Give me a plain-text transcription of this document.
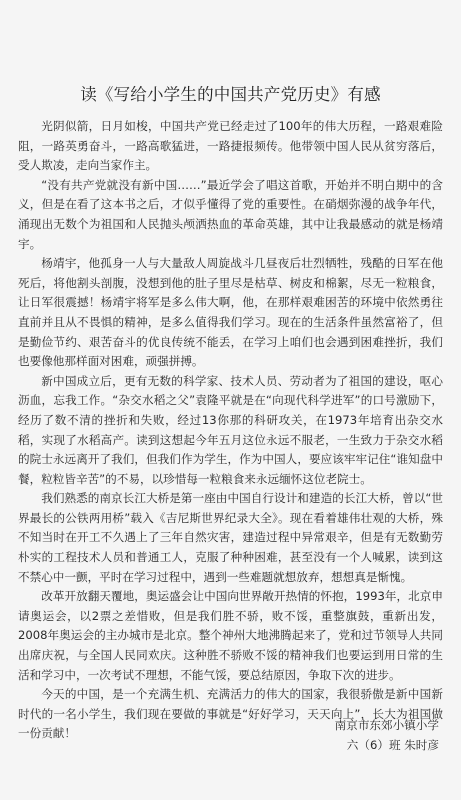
读《写给小学生的中国共产党历史》有感

光阴似箭，日月如梭，中国共产党已经走过了100年的伟大历程，一路艰难险阻，一路英勇奋斗，一路高歌猛进，一路捷报频传。他带领中国人民从贫穷落后，受人欺凌，走向当家作主。

“没有共产党就没有新中国……”最近学会了唱这首歌，开始并不明白期中的含义，但是在看了这本书之后，才似乎懂得了党的重要性。在硝烟弥漫的战争年代，涌现出无数个为祖国和人民抛头颅洒热血的革命英雄，其中让我最感动的就是杨靖宇。

杨靖宇，他孤身一人与大量敌人周旋战斗几昼夜后壮烈牺牲，残酷的日军在他死后，将他割头剖腹，没想到他的肚子里尽是枯草、树皮和棉絮，尽无一粒粮食，让日军很震撼！杨靖宇将军是多么伟大啊，他，在那样艰难困苦的环境中依然勇往直前并且从不畏惧的精神，是多么值得我们学习。现在的生活条件虽然富裕了，但是勤俭节约、艰苦奋斗的优良传统不能丢，在学习上咱们也会遇到困难挫折，我们也要像他那样面对困难，顽强拼搏。

新中国成立后，更有无数的科学家、技术人员、劳动者为了祖国的建设，呕心沥血，忘我工作。“杂交水稻之父”袁隆平就是在“向现代科学进军”的口号激励下，经历了数不清的挫折和失败，经过13你那的科研攻关，在1973年培育出杂交水稻，实现了水稻高产。读到这想起今年五月这位永远不服老，一生致力于杂交水稻的院士永远离开了我们，但我们作为学生，作为中国人，要应该牢牢记住“谁知盘中餐，粒粒皆辛苦”的不易，以珍惜每一粒粮食来永远缅怀这位老院士。

我们熟悉的南京长江大桥是第一座由中国自行设计和建造的长江大桥，曾以“世界最长的公铁两用桥”载入《吉尼斯世界纪录大全》。现在看着雄伟壮观的大桥，殊不知当时在开工不久遇上了三年自然灾害，建造过程中异常艰辛，但是有无数勤劳朴实的工程技术人员和普通工人，克服了种种困难，甚至没有一个人喊累，读到这不禁心中一颤，平时在学习过程中，遇到一些难题就想放弃，想想真是惭愧。

改革开放翻天覆地，奥运盛会让中国向世界敞开热情的怀抱，1993年，北京申请奥运会，以2票之差惜败，但是我们胜不骄，败不馁，重整旗鼓，重新出发，2008年奥运会的主办城市是北京。整个神州大地沸腾起来了，党和过节领导人共同出席庆祝，与全国人民同欢庆。这种胜不骄败不馁的精神我们也要运到用日常的生活和学习中，一次考试不理想，不能气馁，要总结原因，争取下次的进步。

今天的中国，是一个充满生机、充满活力的伟大的国家，我很骄傲是新中国新时代的一名小学生，我们现在要做的事就是“好好学习，天天向上”，长大为祖国做一份贡献！

南京市东郊小镇小学
六（6）班 朱时彦
